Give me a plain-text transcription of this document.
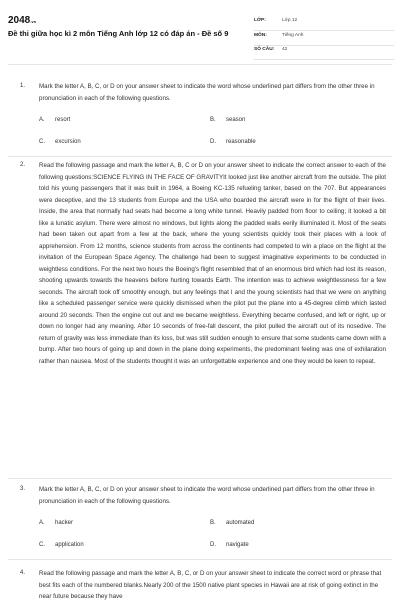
2048.vn
Đề thi giữa học kì 2 môn Tiếng Anh lớp 12 có đáp án - Đề số 9
LỚP:	Lớp 12
MÔN:	Tiếng Anh
SỐ CÂU: 42
1. Mark the letter A, B, C, or D on your answer sheet to indicate the word whose underlined part differs from the other three in pronunciation in each of the following questions.
A. resort	B. season
C. excursion	D. reasonable
2. Read the following passage and mark the letter A, B, C or D on your answer sheet to indicate the correct answer to each of the following questions:SCIENCE FLYING IN THE FACE OF GRAVITYIt looked just like another aircraft from the outside. The pilot told his young passengers that it was built in 1964, a Boeing KC-135 refueling tanker, based on the 707. But appearances were deceptive, and the 13 students from Europe and the USA who boarded the aircraft were in for the flight of their lives. Inside, the area that normally had seats had become a long white tunnel. Heavily padded from floor to ceiling; it looked a bit like a lunatic asylum. There were almost no windows, but lights along the padded walls eerily illuminated it. Most of the seats had been taken out apart from a few at the back, where the young scientists quickly took their places with a look of apprehension. From 12 months, science students from across the continents had competed to win a place on the flight at the invitation of the European Space Agency. The challenge had been to suggest imaginative experiments to be conducted in weightless conditions. For the next two hours the Boeing's flight resembled that of an enormous bird which had lost its reason, shooting upwards towards the heavens before hurting towards Earth. The intention was to achieve weightlessness for a few seconds. The aircraft took off smoothly enough, but any feelings that I and the young scientists had that we were on anything like a scheduled passenger service were quickly dismissed when the pilot put the plane into a 45-degree climb which lasted around 20 seconds. Then the engine cut out and we became weightless. Everything became confused, and left or right, up or down no longer had any meaning. After 10 seconds of free-fall descent, the pilot pulled the aircraft out of its nosedive. The return of gravity was less immediate than its loss, but was still sudden enough to ensure that some students came down with a bump. After two hours of going up and down in the plane doing experiments, the predominant feeling was one of exhilaration rather than nausea. Most of the students thought it was an unforgettable experience and one they would be keen to repeat.
3. Mark the letter A, B, C, or D on your answer sheet to indicate the word whose underlined part differs from the other three in pronunciation in each of the following questions.
A. hacker	B. automated
C. application	D. navigate
4. Read the following passage and mark the letter A, B, C, or D on your answer sheet to indicate the correct word or phrase that best fits each of the numbered blanks.Nearly 200 of the 1500 native plant species in Hawaii are at risk of going extinct in the near future because they have
